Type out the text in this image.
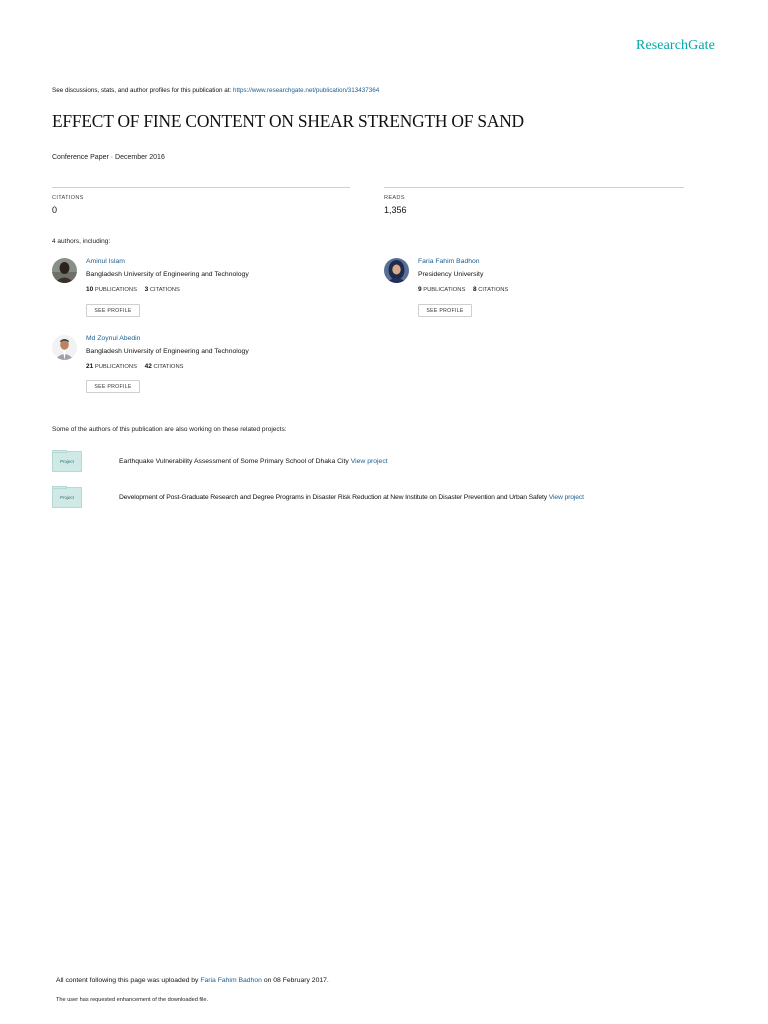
ResearchGate
See discussions, stats, and author profiles for this publication at: https://www.researchgate.net/publication/313437364
EFFECT OF FINE CONTENT ON SHEAR STRENGTH OF SAND
Conference Paper · December 2016
CITATIONS
0
READS
1,356
4 authors, including:
Aminul Islam
Bangladesh University of Engineering and Technology
10 PUBLICATIONS 3 CITATIONS
SEE PROFILE
Faria Fahim Badhon
Presidency University
9 PUBLICATIONS 8 CITATIONS
SEE PROFILE
Md Zoynul Abedin
Bangladesh University of Engineering and Technology
21 PUBLICATIONS 42 CITATIONS
SEE PROFILE
Some of the authors of this publication are also working on these related projects:
Project	Earthquake Vulnerability Assessment of Some Primary School of Dhaka City View project
Project	Development of Post-Graduate Research and Degree Programs in Disaster Risk Reduction at New Institute on Disaster Prevention and Urban Safety View project
All content following this page was uploaded by Faria Fahim Badhon on 08 February 2017.
The user has requested enhancement of the downloaded file.
